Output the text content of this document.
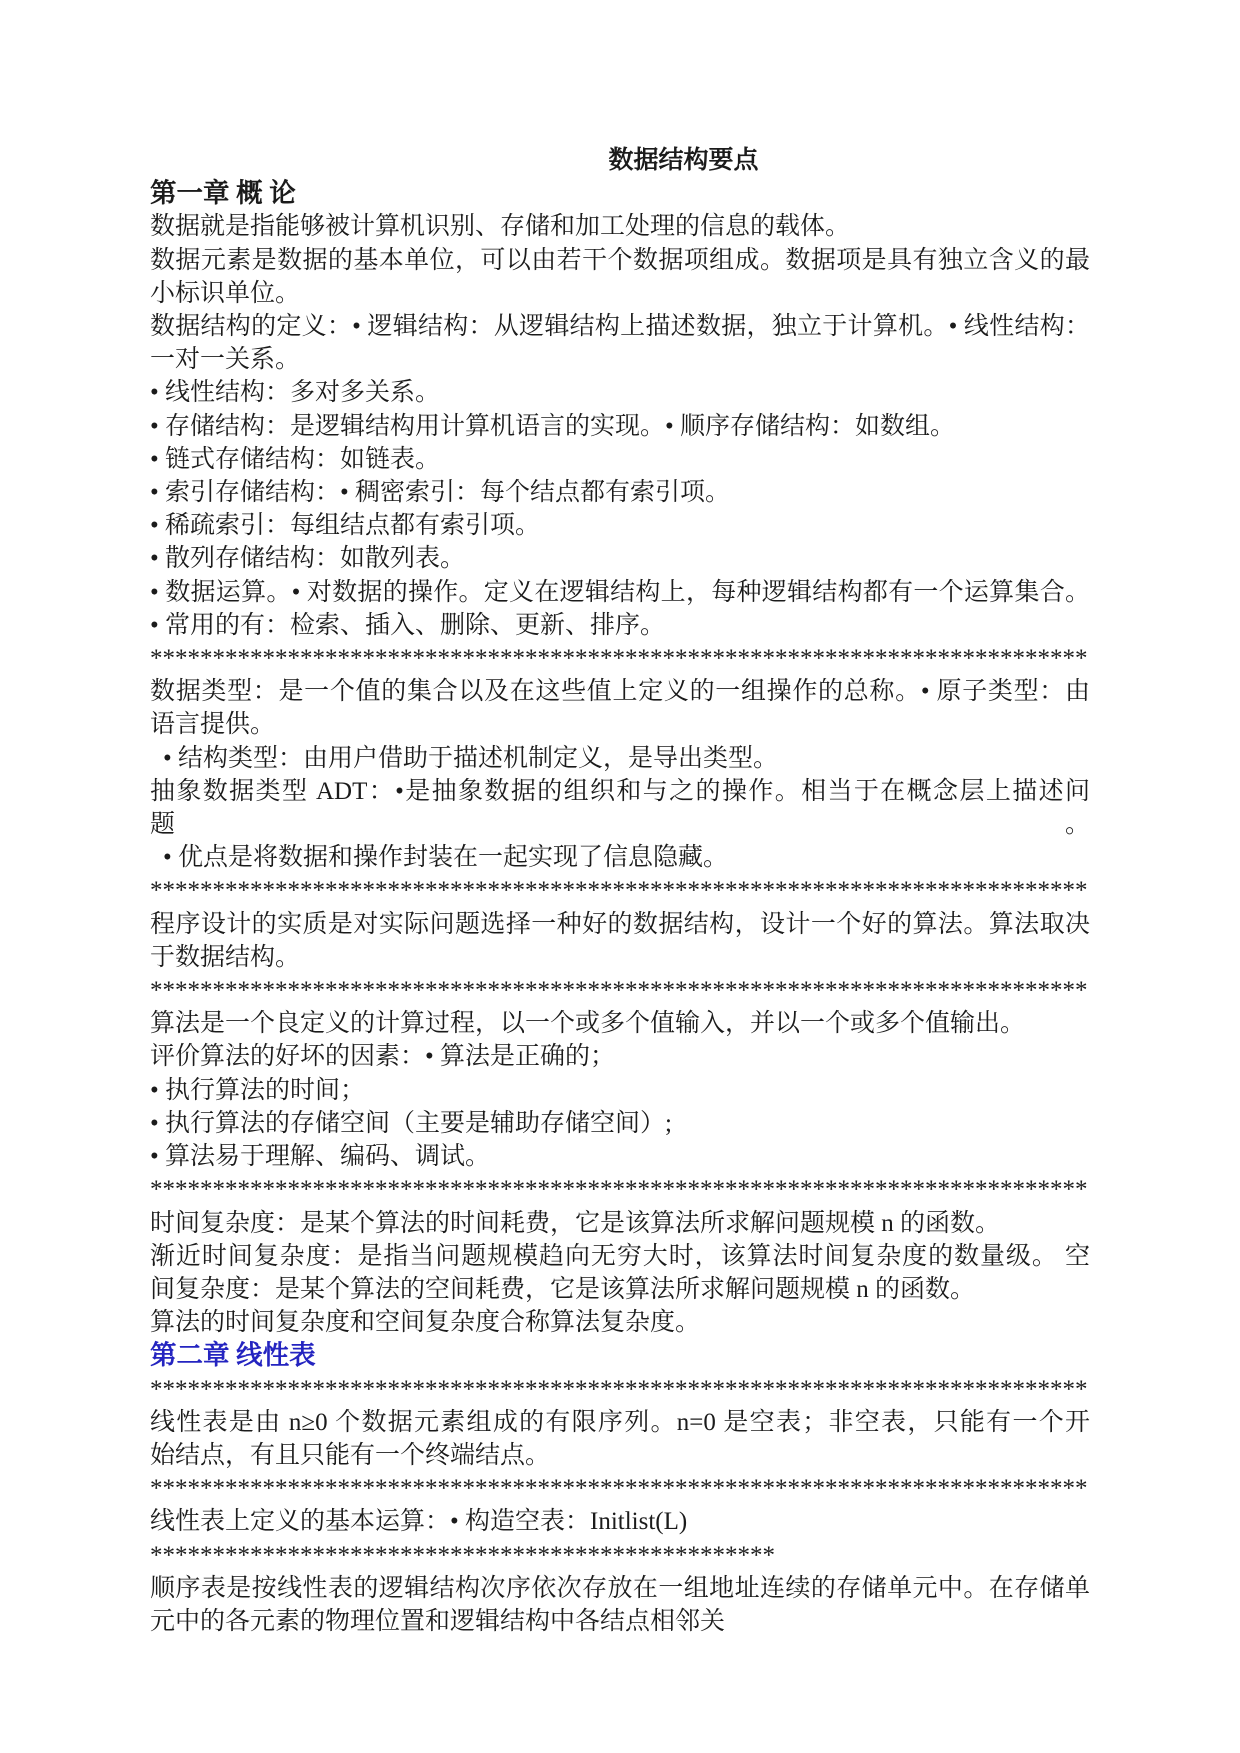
数据结构要点
第一章 概 论
数据就是指能够被计算机识别、存储和加工处理的信息的载体。
数据元素是数据的基本单位，可以由若干个数据项组成。数据项是具有独立含义的最
小标识单位。
数据结构的定义：• 逻辑结构：从逻辑结构上描述数据，独立于计算机。• 线性结构：
一对一关系。
• 线性结构：多对多关系。
• 存储结构：是逻辑结构用计算机语言的实现。• 顺序存储结构：如数组。
• 链式存储结构：如链表。
• 索引存储结构：• 稠密索引：每个结点都有索引项。
• 稀疏索引：每组结点都有索引项。
• 散列存储结构：如散列表。
• 数据运算。• 对数据的操作。定义在逻辑结构上，每种逻辑结构都有一个运算集合。
• 常用的有：检索、插入、删除、更新、排序。
***************************************************************************
数据类型：是一个值的集合以及在这些值上定义的一组操作的总称。• 原子类型：由
语言提供。
• 结构类型：由用户借助于描述机制定义，是导出类型。
抽象数据类型 ADT：•是抽象数据的组织和与之的操作。相当于在概念层上描述问题。
• 优点是将数据和操作封装在一起实现了信息隐藏。
***************************************************************************
程序设计的实质是对实际问题选择一种好的数据结构，设计一个好的算法。算法取决
于数据结构。
***************************************************************************
算法是一个良定义的计算过程，以一个或多个值输入，并以一个或多个值输出。
评价算法的好坏的因素：• 算法是正确的；
• 执行算法的时间；
• 执行算法的存储空间（主要是辅助存储空间）;
• 算法易于理解、编码、调试。
***************************************************************************
时间复杂度：是某个算法的时间耗费，它是该算法所求解问题规模 n 的函数。
渐近时间复杂度：是指当问题规模趋向无穷大时，该算法时间复杂度的数量级。 空
间复杂度：是某个算法的空间耗费，它是该算法所求解问题规模 n 的函数。
算法的时间复杂度和空间复杂度合称算法复杂度。
第二章 线性表
***************************************************************************
线性表是由 n≥0 个数据元素组成的有限序列。n=0 是空表；非空表，只能有一个开
始结点，有且只能有一个终端结点。
***************************************************************************
线性表上定义的基本运算：• 构造空表：Initlist(L)
**************************************************
顺序表是按线性表的逻辑结构次序依次存放在一组地址连续的存储单元中。在存储单
元中的各元素的物理位置和逻辑结构中各结点相邻关
